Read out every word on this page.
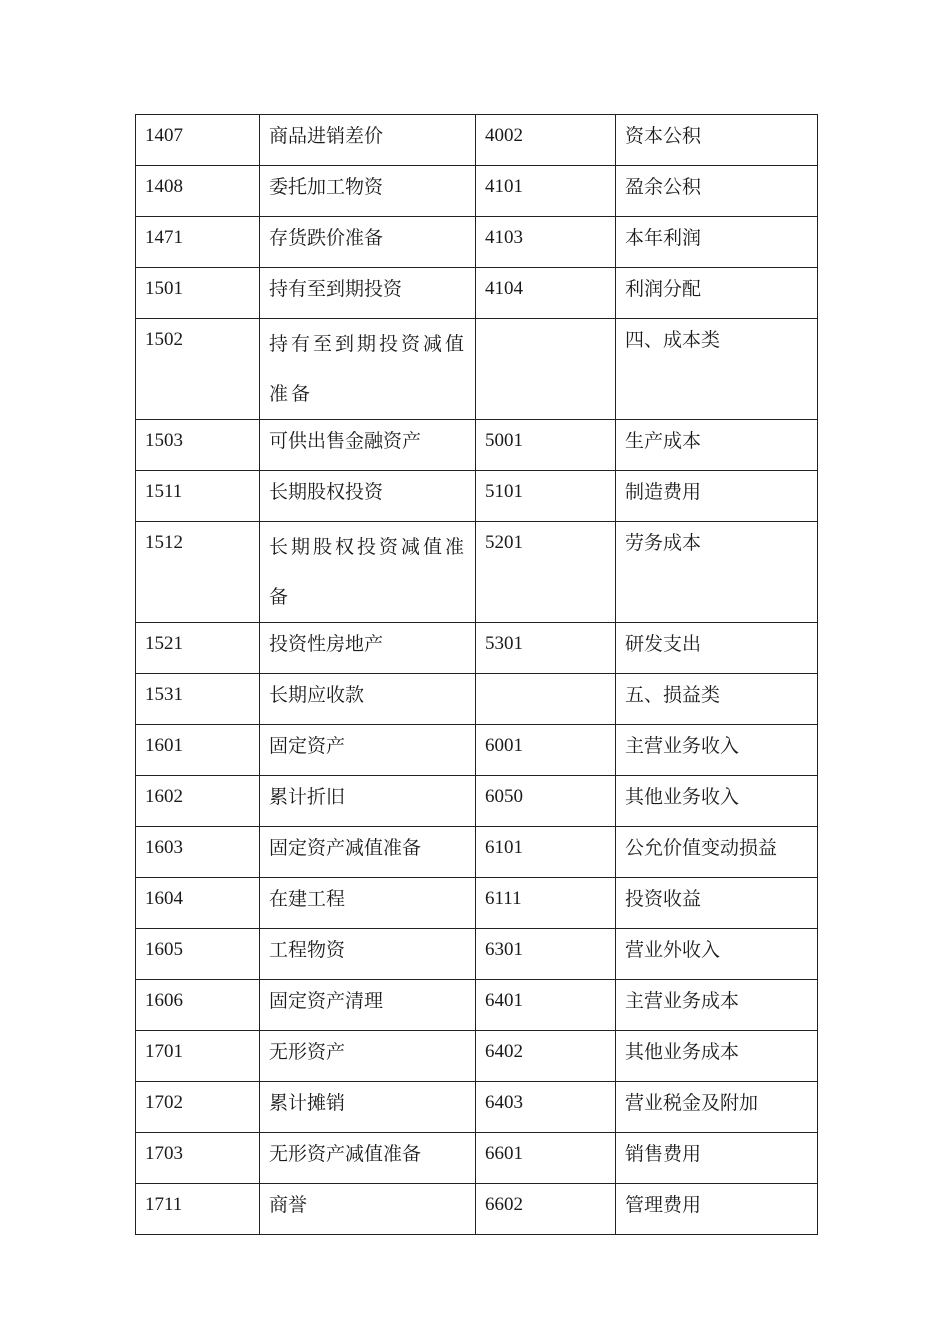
1407	商品进销差价	4002	资本公积
1408	委托加工物资	4101	盈余公积
1471	存货跌价准备	4103	本年利润
1501	持有至到期投资	4104	利润分配
1502	持有至到期投资减值准备		四、成本类
1503	可供出售金融资产	5001	生产成本
1511	长期股权投资	5101	制造费用
1512	长期股权投资减值准备	5201	劳务成本
1521	投资性房地产	5301	研发支出
1531	长期应收款		五、损益类
1601	固定资产	6001	主营业务收入
1602	累计折旧	6050	其他业务收入
1603	固定资产减值准备	6101	公允价值变动损益
1604	在建工程	6111	投资收益
1605	工程物资	6301	营业外收入
1606	固定资产清理	6401	主营业务成本
1701	无形资产	6402	其他业务成本
1702	累计摊销	6403	营业税金及附加
1703	无形资产减值准备	6601	销售费用
1711	商誉	6602	管理费用
